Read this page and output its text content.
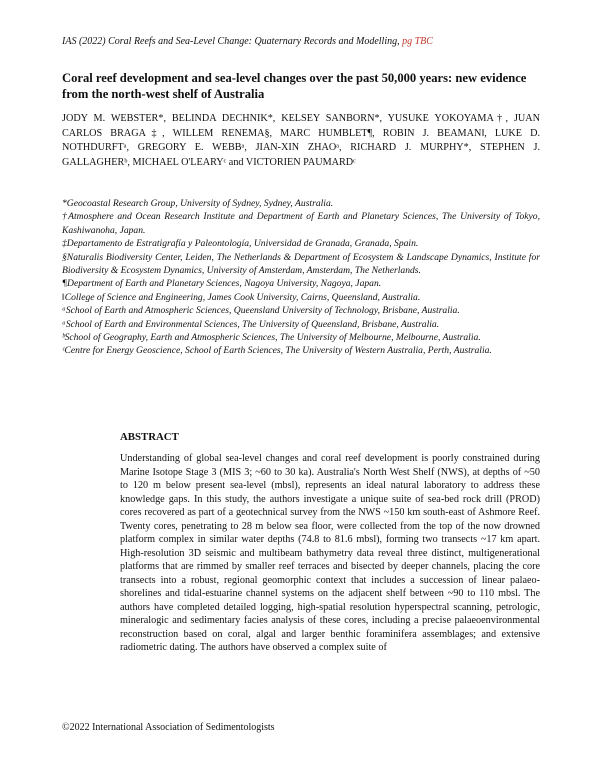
IAS (2022) Coral Reefs and Sea-Level Change: Quaternary Records and Modelling, pg TBC
Coral reef development and sea-level changes over the past 50,000 years: new evidence from the north-west shelf of Australia
JODY M. WEBSTER*, BELINDA DECHNIK*, KELSEY SANBORN*, YUSUKE YOKOYAMA†, JUAN CARLOS BRAGA‡, WILLEM RENEMA§, MARC HUMBLET¶, ROBIN J. BEAMAN‖, LUKE D. NOTHDURFTᵃ, GREGORY E. WEBBᵃ, JIAN-XIN ZHAOᵃ, RICHARD J. MURPHY*, STEPHEN J. GALLAGHERᵇ, MICHAEL O'LEARYᶜ and VICTORIEN PAUMARDᶜ
*Geocoastal Research Group, University of Sydney, Sydney, Australia.
†Atmosphere and Ocean Research Institute and Department of Earth and Planetary Sciences, The University of Tokyo, Kashiwanoha, Japan.
‡Departamento de Estratigrafía y Paleontología, Universidad de Granada, Granada, Spain.
§Naturalis Biodiversity Center, Leiden, The Netherlands & Department of Ecosystem & Landscape Dynamics, Institute for Biodiversity & Ecosystem Dynamics, University of Amsterdam, Amsterdam, The Netherlands.
¶Department of Earth and Planetary Sciences, Nagoya University, Nagoya, Japan.
‖College of Science and Engineering, James Cook University, Cairns, Queensland, Australia.
ᵃSchool of Earth and Atmospheric Sciences, Queensland University of Technology, Brisbane, Australia.
ᵃSchool of Earth and Environmental Sciences, The University of Queensland, Brisbane, Australia.
ᵇSchool of Geography, Earth and Atmospheric Sciences, The University of Melbourne, Melbourne, Australia.
ᶜCentre for Energy Geoscience, School of Earth Sciences, The University of Western Australia, Perth, Australia.
ABSTRACT
Understanding of global sea-level changes and coral reef development is poorly constrained during Marine Isotope Stage 3 (MIS 3; ~60 to 30 ka). Australia's North West Shelf (NWS), at depths of ~50 to 120 m below present sea-level (mbsl), represents an ideal natural laboratory to address these knowledge gaps. In this study, the authors investigate a unique suite of sea-bed rock drill (PROD) cores recovered as part of a geotechnical survey from the NWS ~150 km south-east of Ashmore Reef. Twenty cores, penetrating to 28 m below sea floor, were collected from the top of the now drowned platform complex in similar water depths (74.8 to 81.6 mbsl), forming two transects ~17 km apart. High-resolution 3D seismic and multibeam bathymetry data reveal three distinct, multigenerational platforms that are rimmed by smaller reef terraces and bisected by deeper channels, placing the core transects into a robust, regional geomorphic context that includes a succession of linear palaeo-shorelines and tidal-estuarine channel systems on the adjacent shelf between ~90 to 110 mbsl. The authors have completed detailed logging, high-spatial resolution hyperspectral scanning, petrologic, mineralogic and sedimentary facies analysis of these cores, including a precise palaeoenvironmental reconstruction based on coral, algal and larger benthic foraminifera assemblages; and extensive radiometric dating. The authors have observed a complex suite of
©2022 International Association of Sedimentologists
